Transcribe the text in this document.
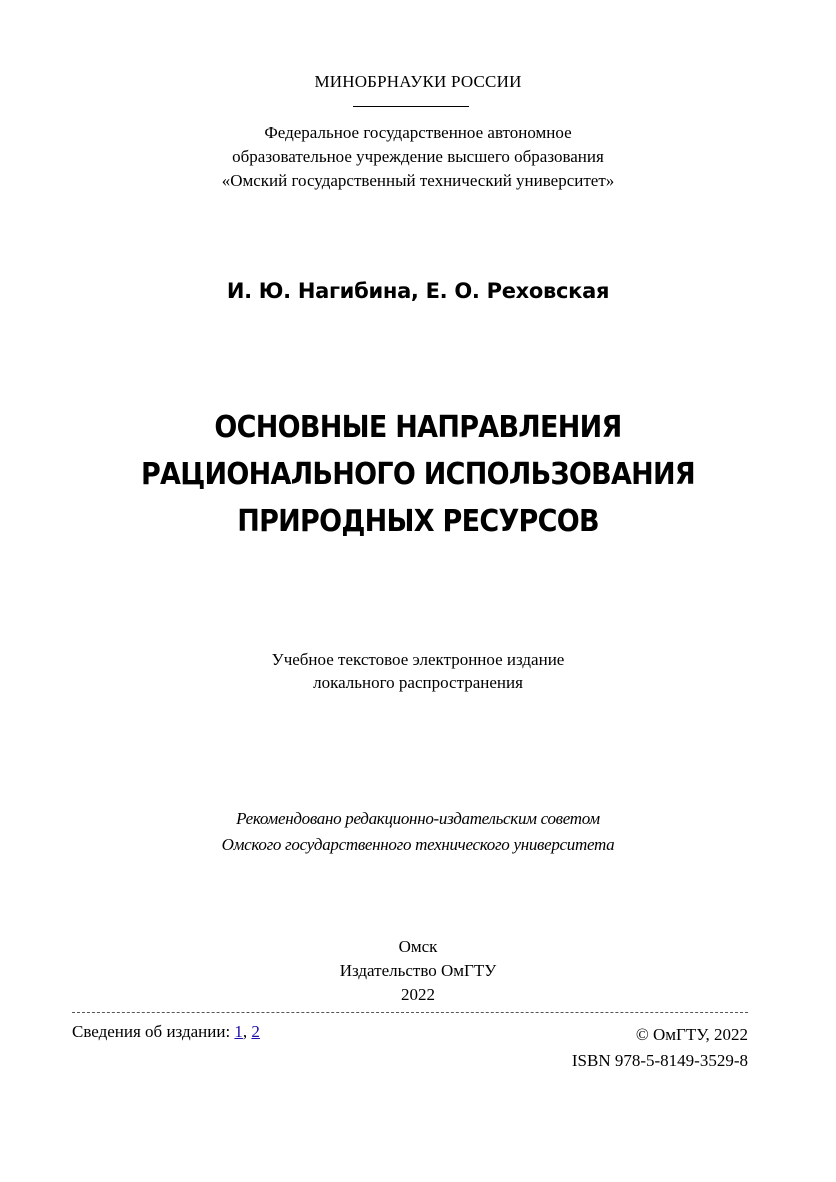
МИНОБРНАУКИ РОССИИ
Федеральное государственное автономное
образовательное учреждение высшего образования
«Омский государственный технический университет»
И. Ю. Нагибина, Е. О. Реховская
ОСНОВНЫЕ НАПРАВЛЕНИЯ
РАЦИОНАЛЬНОГО ИСПОЛЬЗОВАНИЯ
ПРИРОДНЫХ РЕСУРСОВ
Учебное текстовое электронное издание
локального распространения
Рекомендовано редакционно-издательским советом
Омского государственного технического университета
Омск
Издательство ОмГТУ
2022
Сведения об издании: 1, 2	© ОмГТУ, 2022
ISBN 978-5-8149-3529-8
